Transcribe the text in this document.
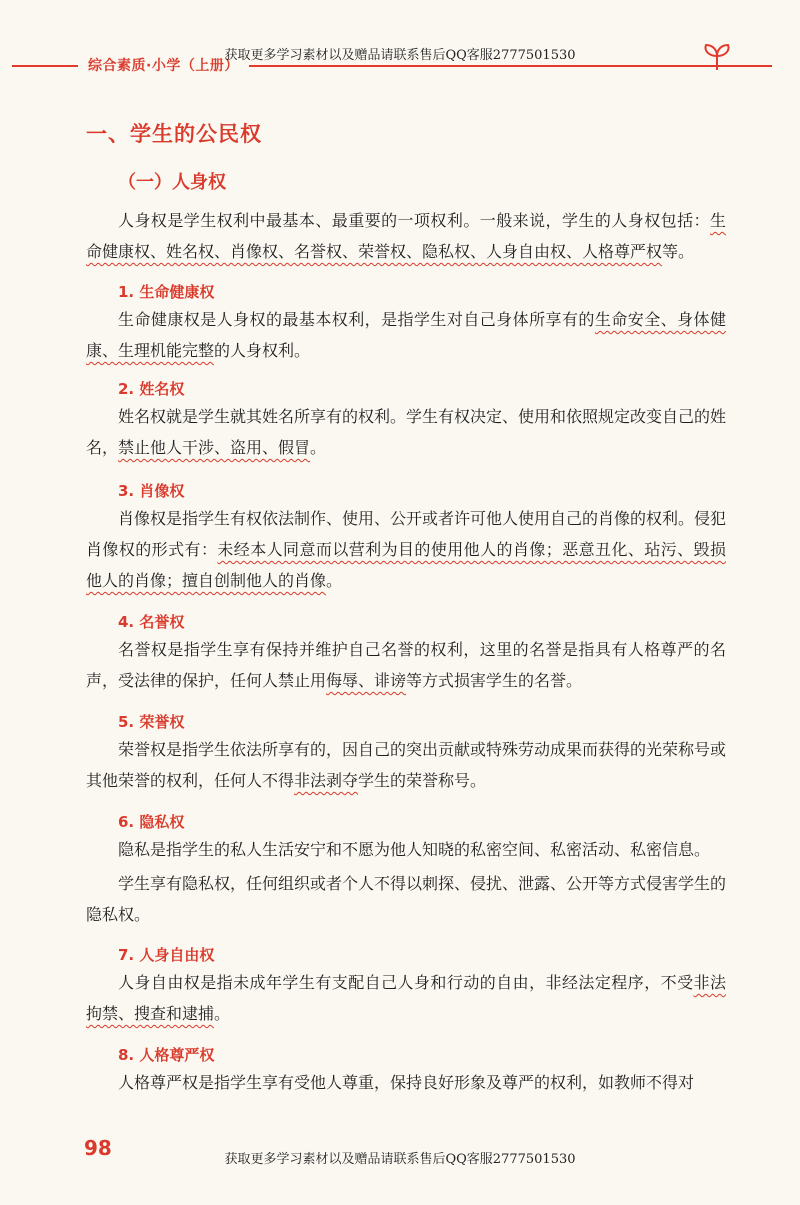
综合素质·小学（上册）
获取更多学习素材以及赠品请联系售后QQ客服2777501530
一、学生的公民权
（一）人身权

人身权是学生权利中最基本、最重要的一项权利。一般来说，学生的人身权包括：生命健康权、姓名权、肖像权、名誉权、荣誉权、隐私权、人身自由权、人格尊严权等。

1. 生命健康权

生命健康权是人身权的最基本权利，是指学生对自己身体所享有的生命安全、身体健康、生理机能完整的人身权利。

2. 姓名权

姓名权就是学生就其姓名所享有的权利。学生有权决定、使用和依照规定改变自己的姓名，禁止他人干涉、盗用、假冒。

3. 肖像权

肖像权是指学生有权依法制作、使用、公开或者许可他人使用自己的肖像的权利。侵犯肖像权的形式有：未经本人同意而以营利为目的使用他人的肖像；恶意丑化、玷污、毁损他人的肖像；擅自创制他人的肖像。

4. 名誉权

名誉权是指学生享有保持并维护自己名誉的权利，这里的名誉是指具有人格尊严的名声，受法律的保护，任何人禁止用侮辱、诽谤等方式损害学生的名誉。

5. 荣誉权

荣誉权是指学生依法所享有的，因自己的突出贡献或特殊劳动成果而获得的光荣称号或其他荣誉的权利，任何人不得非法剥夺学生的荣誉称号。

6. 隐私权

隐私是指学生的私人生活安宁和不愿为他人知晓的私密空间、私密活动、私密信息。

学生享有隐私权，任何组织或者个人不得以刺探、侵扰、泄露、公开等方式侵害学生的隐私权。

7. 人身自由权

人身自由权是指未成年学生有支配自己人身和行动的自由，非经法定程序，不受非法拘禁、搜查和逮捕。

8. 人格尊严权

人格尊严权是指学生享有受他人尊重，保持良好形象及尊严的权利，如教师不得对

98	获取更多学习素材以及赠品请联系售后QQ客服2777501530
